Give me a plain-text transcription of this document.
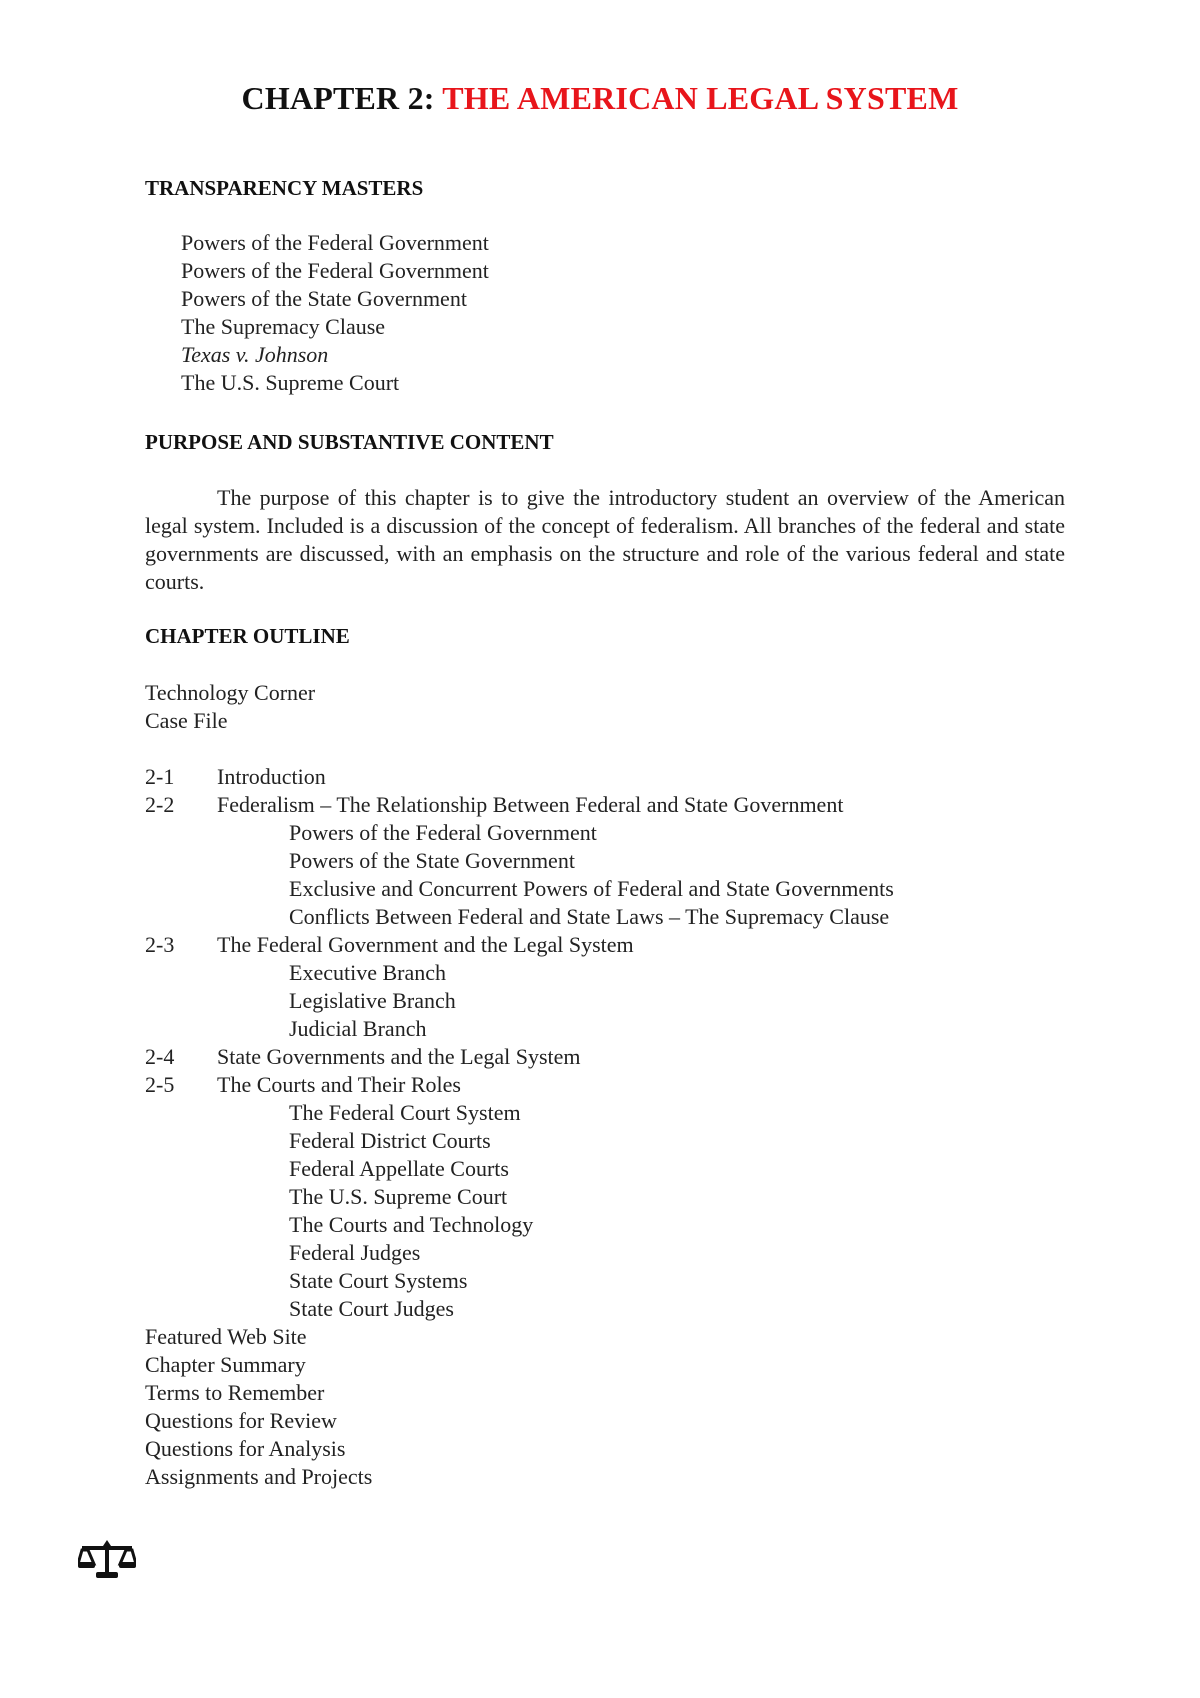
CHAPTER 2: THE AMERICAN LEGAL SYSTEM
TRANSPARENCY MASTERS
Powers of the Federal Government
Powers of the Federal Government
Powers of the State Government
The Supremacy Clause
Texas v. Johnson
The U.S. Supreme Court
PURPOSE AND SUBSTANTIVE CONTENT
The purpose of this chapter is to give the introductory student an overview of the American legal system. Included is a discussion of the concept of federalism. All branches of the federal and state governments are discussed, with an emphasis on the structure and role of the various federal and state courts.
CHAPTER OUTLINE
Technology Corner
Case File
2-1 Introduction
2-2 Federalism – The Relationship Between Federal and State Government
Powers of the Federal Government
Powers of the State Government
Exclusive and Concurrent Powers of Federal and State Governments
Conflicts Between Federal and State Laws – The Supremacy Clause
2-3 The Federal Government and the Legal System
Executive Branch
Legislative Branch
Judicial Branch
2-4 State Governments and the Legal System
2-5 The Courts and Their Roles
The Federal Court System
Federal District Courts
Federal Appellate Courts
The U.S. Supreme Court
The Courts and Technology
Federal Judges
State Court Systems
State Court Judges
Featured Web Site
Chapter Summary
Terms to Remember
Questions for Review
Questions for Analysis
Assignments and Projects
